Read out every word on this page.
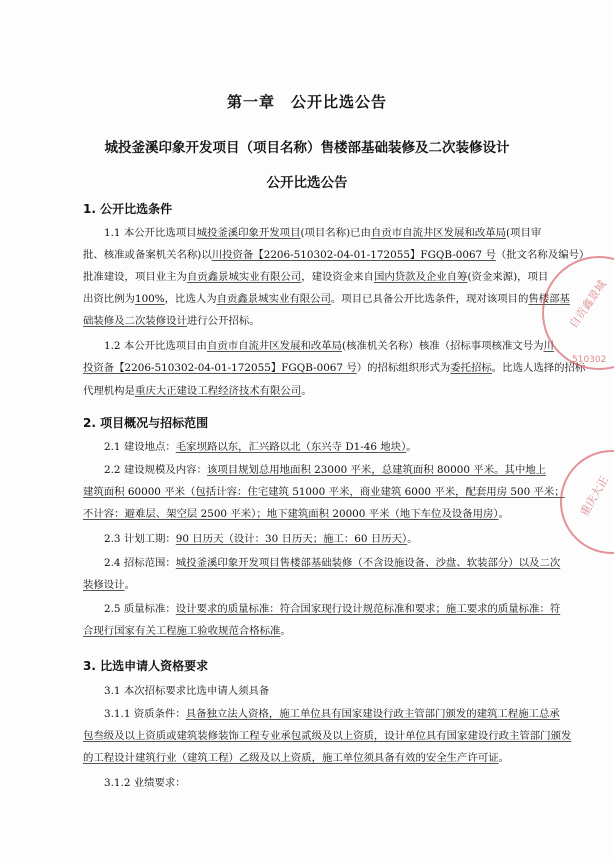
第一章　公开比选公告
城投釜溪印象开发项目（项目名称）售楼部基础装修及二次装修设计
公开比选公告
1. 公开比选条件
1.1 本公开比选项目城投釜溪印象开发项目(项目名称)已由自贡市自流井区发展和改革局(项目审
批、核准或备案机关名称)以川投资备【2206-510302-04-01-172055】FGQB-0067 号（批文名称及编号）
批准建设，项目业主为自贡鑫景城实业有限公司，建设资金来自国内贷款及企业自筹(资金来源)，项目
出资比例为100%，比选人为自贡鑫景城实业有限公司。项目已具备公开比选条件，现对该项目的售楼部基
础装修及二次装修设计进行公开招标。
1.2 本公开比选项目由自贡市自流井区发展和改革局(核准机关名称）核准（招标事项核准文号为川
投资备【2206-510302-04-01-172055】FGQB-0067 号）的招标组织形式为委托招标。比选人选择的招标
代理机构是重庆大正建设工程经济技术有限公司。
2. 项目概况与招标范围
2.1 建设地点：毛家坝路以东，汇兴路以北（东兴寺 D1-46 地块）。
2.2 建设规模及内容：该项目规划总用地面积 23000 平米，总建筑面积 80000 平米。其中地上
建筑面积 60000 平米（包括计容：住宅建筑 51000 平米，商业建筑 6000 平米，配套用房 500 平米；
不计容：避难层、架空层 2500 平米）；地下建筑面积 20000 平米（地下车位及设备用房）。
2.3 计划工期：90 日历天（设计：30 日历天；施工：60 日历天）。
2.4 招标范围：城投釜溪印象开发项目售楼部基础装修（不含设施设备、沙盘、软装部分）以及二次
装修设计。
2.5 质量标准：设计要求的质量标准：符合国家现行设计规范标准和要求；施工要求的质量标准：符
合现行国家有关工程施工验收规范合格标准。
3. 比选申请人资格要求
3.1 本次招标要求比选申请人须具备
3.1.1 资质条件：具备独立法人资格，施工单位具有国家建设行政主管部门颁发的建筑工程施工总承
包叁级及以上资质或建筑装修装饰工程专业承包贰级及以上资质，设计单位具有国家建设行政主管部门颁发
的工程设计建筑行业（建筑工程）乙级及以上资质，施工单位须具备有效的安全生产许可证。
3.1.2 业绩要求：
自贡鑫景城
510302
重庆大正
